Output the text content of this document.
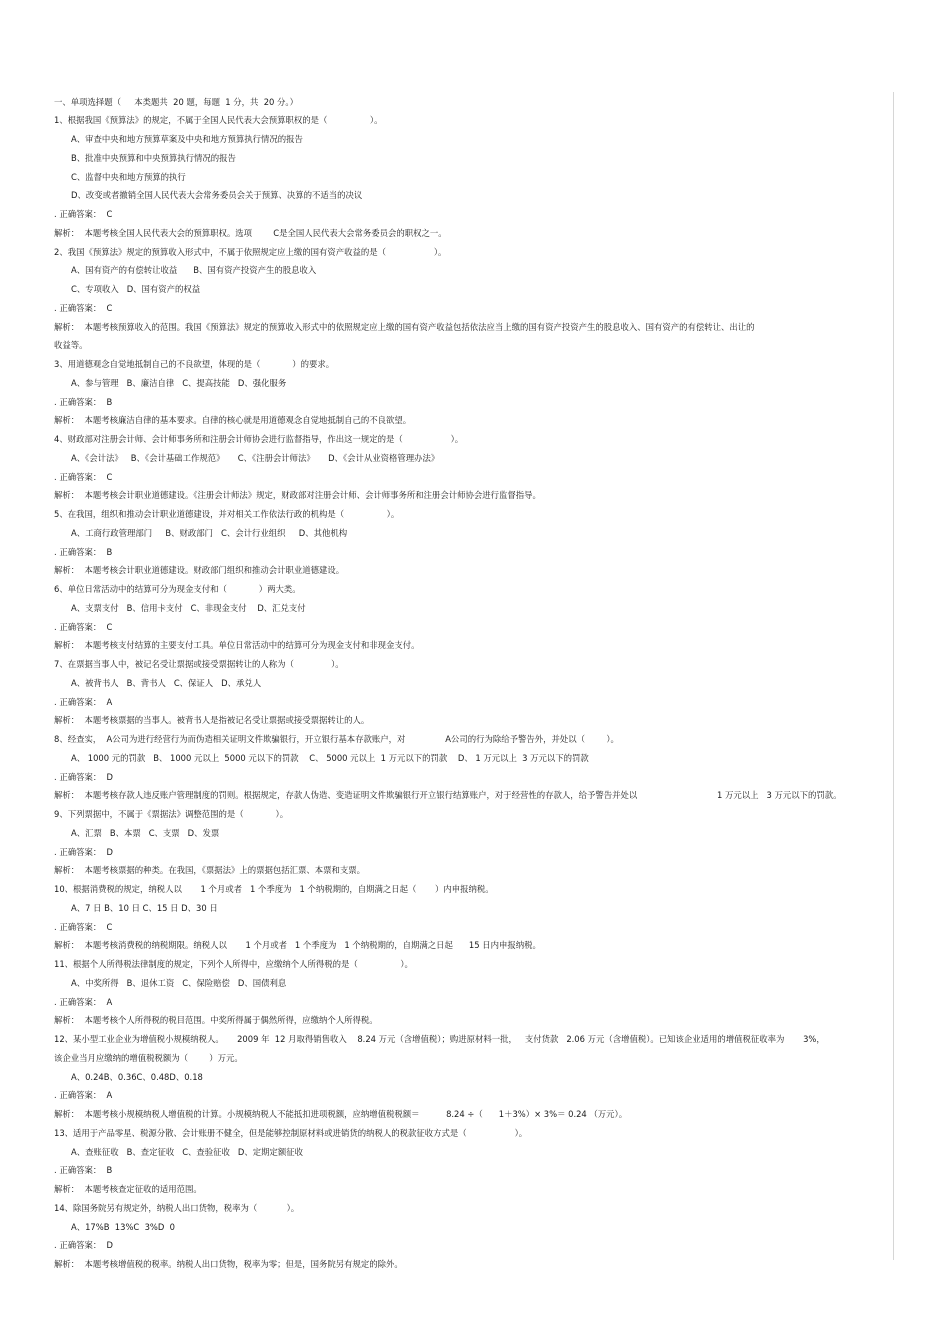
一、单项选择题（     本类题共  20 题，每题  1 分，共  20 分。）
1、根据我国《预算法》的规定，不属于全国人民代表大会预算职权的是（                ）。
A、审查中央和地方预算草案及中央和地方预算执行情况的报告
B、批准中央预算和中央预算执行情况的报告
C、监督中央和地方预算的执行
D、改变或者撤销全国人民代表大会常务委员会关于预算、决算的不适当的决议
. 正确答案：  C
解析：  本题考核全国人民代表大会的预算职权。选项        C是全国人民代表大会常务委员会的职权之一。
2、我国《预算法》规定的预算收入形式中，不属于依照规定应上缴的国有资产收益的是（                  ）。
A、国有资产的有偿转让收益      B、国有资产投资产生的股息收入
C、专项收入   D、国有资产的权益
. 正确答案：  C
解析：  本题考核预算收入的范围。我国《预算法》规定的预算收入形式中的依照规定应上缴的国有资产收益包括依法应当上缴的国有资产投资产生的股息收入、国有资产的有偿转让、出让的
收益等。
3、用道德观念自觉地抵制自己的不良欲望，体现的是（            ）的要求。
A、参与管理   B、廉洁自律   C、提高技能   D、强化服务
. 正确答案：  B
解析：  本题考核廉洁自律的基本要求。自律的核心就是用道德观念自觉地抵制自己的不良欲望。
4、财政部对注册会计师、会计师事务所和注册会计师协会进行监督指导，作出这一规定的是（                  ）。
A、《会计法》   B、《会计基础工作规范》     C、《注册会计师法》     D、《会计从业资格管理办法》
. 正确答案：  C
解析：  本题考核会计职业道德建设。《注册会计师法》规定，财政部对注册会计师、会计师事务所和注册会计师协会进行监督指导。
5、在我国，组织和推动会计职业道德建设，并对相关工作依法行政的机构是（                ）。
A、工商行政管理部门     B、财政部门   C、会计行业组织     D、其他机构
. 正确答案：  B
解析：  本题考核会计职业道德建设。财政部门组织和推动会计职业道德建设。
6、单位日常活动中的结算可分为现金支付和（            ）两大类。
A、支票支付   B、信用卡支付   C、非现金支付    D、汇兑支付
. 正确答案：  C
解析：  本题考核支付结算的主要支付工具。单位日常活动中的结算可分为现金支付和非现金支付。
7、在票据当事人中，被记名受让票据或接受票据转让的人称为（              ）。
A、被背书人   B、背书人   C、保证人   D、承兑人
. 正确答案：  A
解析：  本题考核票据的当事人。被背书人是指被记名受让票据或接受票据转让的人。
8、经查实，  A公司为进行经营行为而伪造相关证明文件欺骗银行，开立银行基本存款账户，对               A公司的行为除给予警告外，并处以（        ）。
A、 1000 元的罚款   B、 1000 元以上  5000 元以下的罚款    C、 5000 元以上  1 万元以下的罚款    D、 1 万元以上  3 万元以下的罚款
. 正确答案：  D
解析：  本题考核存款人违反账户管理制度的罚则。根据规定，存款人伪造、变造证明文件欺骗银行开立银行结算账户，对于经营性的存款人，给予警告并处以                              1 万元以上   3 万元以下的罚款。
9、下列票据中，不属于《票据法》调整范围的是（            ）。
A、汇票   B、本票   C、支票   D、发票
. 正确答案：  D
解析：  本题考核票据的种类。在我国，《票据法》上的票据包括汇票、本票和支票。
10、根据消费税的规定，纳税人以       1 个月或者   1 个季度为   1 个纳税期的，自期满之日起（       ）内申报纳税。
A、7 日 B、10 日 C、15 日 D、30 日
. 正确答案：  C
解析：  本题考核消费税的纳税期限。纳税人以       1 个月或者   1 个季度为   1 个纳税期的，自期满之日起      15 日内申报纳税。
11、根据个人所得税法律制度的规定，下列个人所得中，应缴纳个人所得税的是（                ）。
A、中奖所得   B、退休工资   C、保险赔偿   D、国债利息
. 正确答案：  A
解析：  本题考核个人所得税的税目范围。中奖所得属于偶然所得，应缴纳个人所得税。
12、某小型工业企业为增值税小规模纳税人。     2009 年  12 月取得销售收入    8.24 万元（含增值税）；购进原材料一批，   支付货款   2.06 万元（含增值税）。已知该企业适用的增值税征收率为       3%，
该企业当月应缴纳的增值税税额为（        ）万元。
A、0.24B、0.36C、0.48D、0.18
. 正确答案：  A
解析：  本题考核小规模纳税人增值税的计算。小规模纳税人不能抵扣进项税额，应纳增值税税额＝          8.24 ÷（      1＋3%）× 3%＝ 0.24 （万元）。
13、适用于产品零星、税源分散、会计账册不健全，但是能够控制原材料或进销货的纳税人的税款征收方式是（                  ）。
A、查账征收   B、查定征收   C、查验征收   D、定期定额征收
. 正确答案：  B
解析：  本题考核查定征收的适用范围。
14、除国务院另有规定外，纳税人出口货物，税率为（           ）。
A、17%B  13%C  3%D  0
. 正确答案：  D
解析：  本题考核增值税的税率。纳税人出口货物，税率为零；但是，国务院另有规定的除外。
